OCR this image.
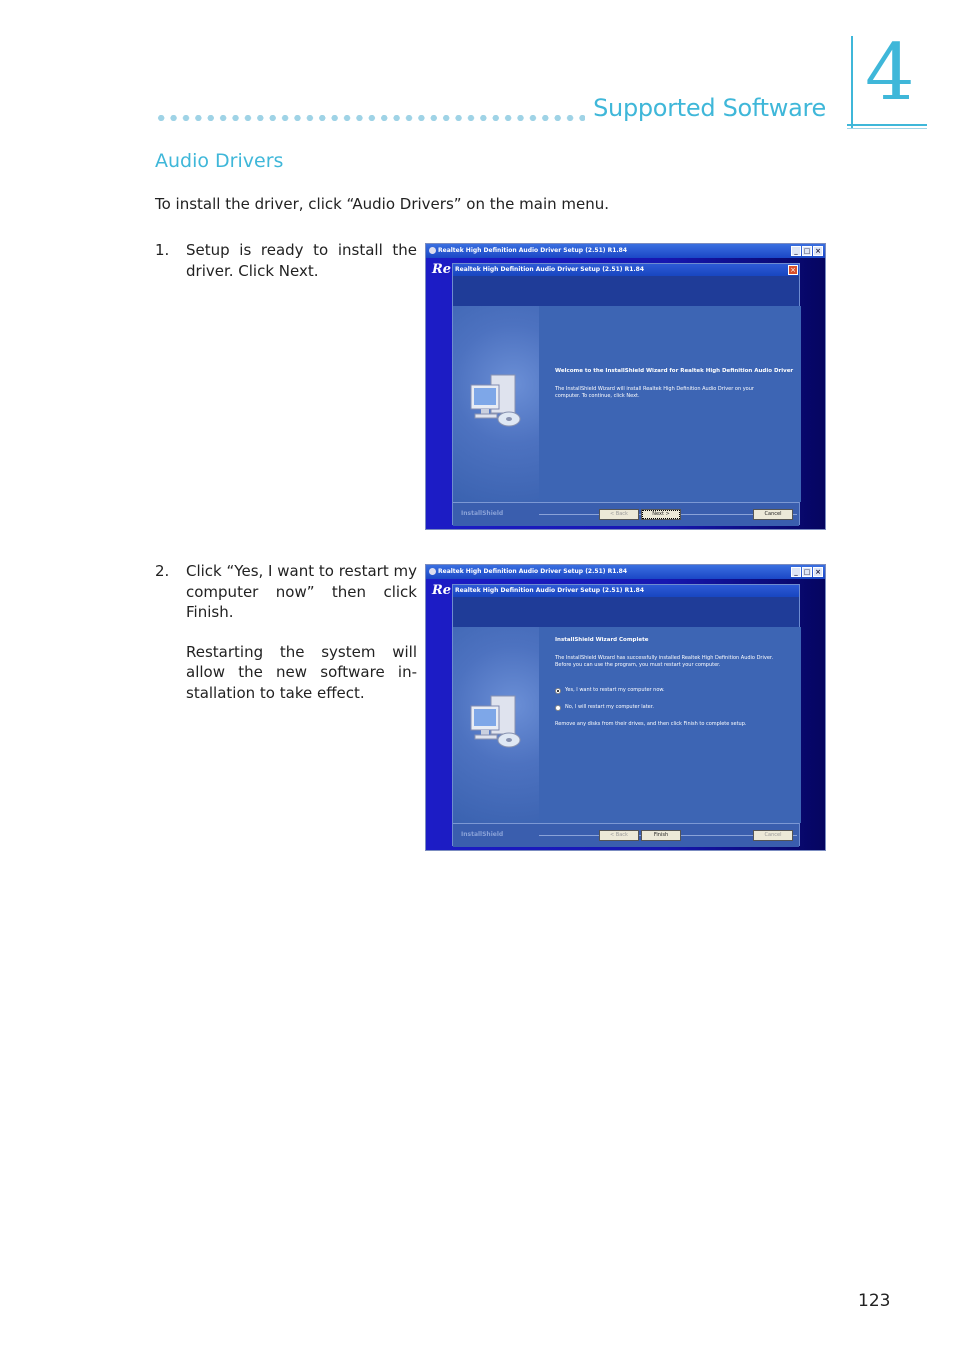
Supported Software 4
Audio Drivers
To install the driver, click “Audio Drivers” on the main menu.
1. Setup is ready to install the driver. Click Next.
2. Click “Yes, I want to restart my computer now” then click Finish.
Restarting the system will allow the new software in-stallation to take effect.
Realtek High Definition Audio Driver Setup (2.51) R1.84	_ □ ×
Re Realtek High Definition Audio Driver Setup (2.51) R1.84	×
Welcome to the InstallShield Wizard for Realtek High Definition Audio Driver
The InstallShield Wizard will install Realtek High Definition Audio Driver on your computer. To continue, click Next.
InstallShield	< Back	Next >	Cancel
Realtek High Definition Audio Driver Setup (2.51) R1.84	_ □ ×
Re Realtek High Definition Audio Driver Setup (2.51) R1.84
InstallShield Wizard Complete
The InstallShield Wizard has successfully installed Realtek High Definition Audio Driver. Before you can use the program, you must restart your computer.
Yes, I want to restart my computer now.
No, I will restart my computer later.
Remove any disks from their drives, and then click Finish to complete setup.
InstallShield	< Back	Finish	Cancel
123
